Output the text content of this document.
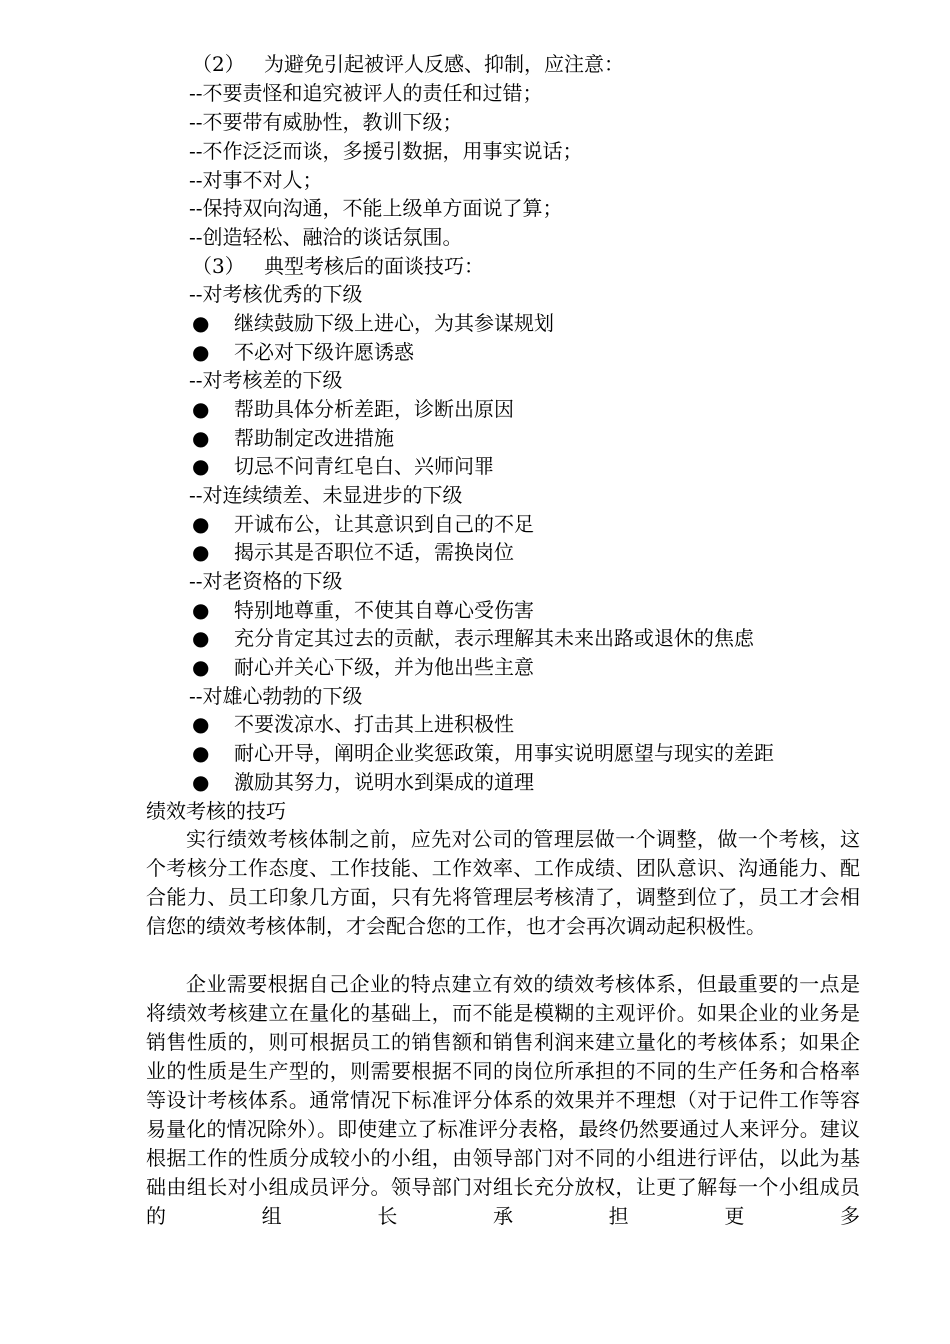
（2） 为避免引起被评人反感、抑制，应注意：
--不要责怪和追究被评人的责任和过错；
--不要带有威胁性，教训下级；
--不作泛泛而谈，多援引数据，用事实说话；
--对事不对人；
--保持双向沟通，不能上级单方面说了算；
--创造轻松、融洽的谈话氛围。
（3） 典型考核后的面谈技巧：
--对考核优秀的下级
● 继续鼓励下级上进心，为其参谋规划
● 不必对下级许愿诱惑
--对考核差的下级
● 帮助具体分析差距，诊断出原因
● 帮助制定改进措施
● 切忌不问青红皂白、兴师问罪
--对连续绩差、未显进步的下级
● 开诚布公，让其意识到自己的不足
● 揭示其是否职位不适，需换岗位
--对老资格的下级
● 特别地尊重，不使其自尊心受伤害
● 充分肯定其过去的贡献，表示理解其未来出路或退休的焦虑
● 耐心并关心下级，并为他出些主意
--对雄心勃勃的下级
● 不要泼凉水、打击其上进积极性
● 耐心开导，阐明企业奖惩政策，用事实说明愿望与现实的差距
● 激励其努力，说明水到渠成的道理
绩效考核的技巧
实行绩效考核体制之前，应先对公司的管理层做一个调整，做一个考核，这个考核分工作态度、工作技能、工作效率、工作成绩、团队意识、沟通能力、配合能力、员工印象几方面，只有先将管理层考核清了，调整到位了，员工才会相信您的绩效考核体制，才会配合您的工作，也才会再次调动起积极性。
企业需要根据自己企业的特点建立有效的绩效考核体系，但最重要的一点是将绩效考核建立在量化的基础上，而不能是模糊的主观评价。如果企业的业务是销售性质的，则可根据员工的销售额和销售利润来建立量化的考核体系；如果企业的性质是生产型的，则需要根据不同的岗位所承担的不同的生产任务和合格率等设计考核体系。通常情况下标准评分体系的效果并不理想（对于记件工作等容易量化的情况除外）。即使建立了标准评分表格，最终仍然要通过人来评分。建议根据工作的性质分成较小的小组，由领导部门对不同的小组进行评估，以此为基础由组长对小组成员评分。领导部门对组长充分放权，让更了解每一个小组成员的组长承担更多
